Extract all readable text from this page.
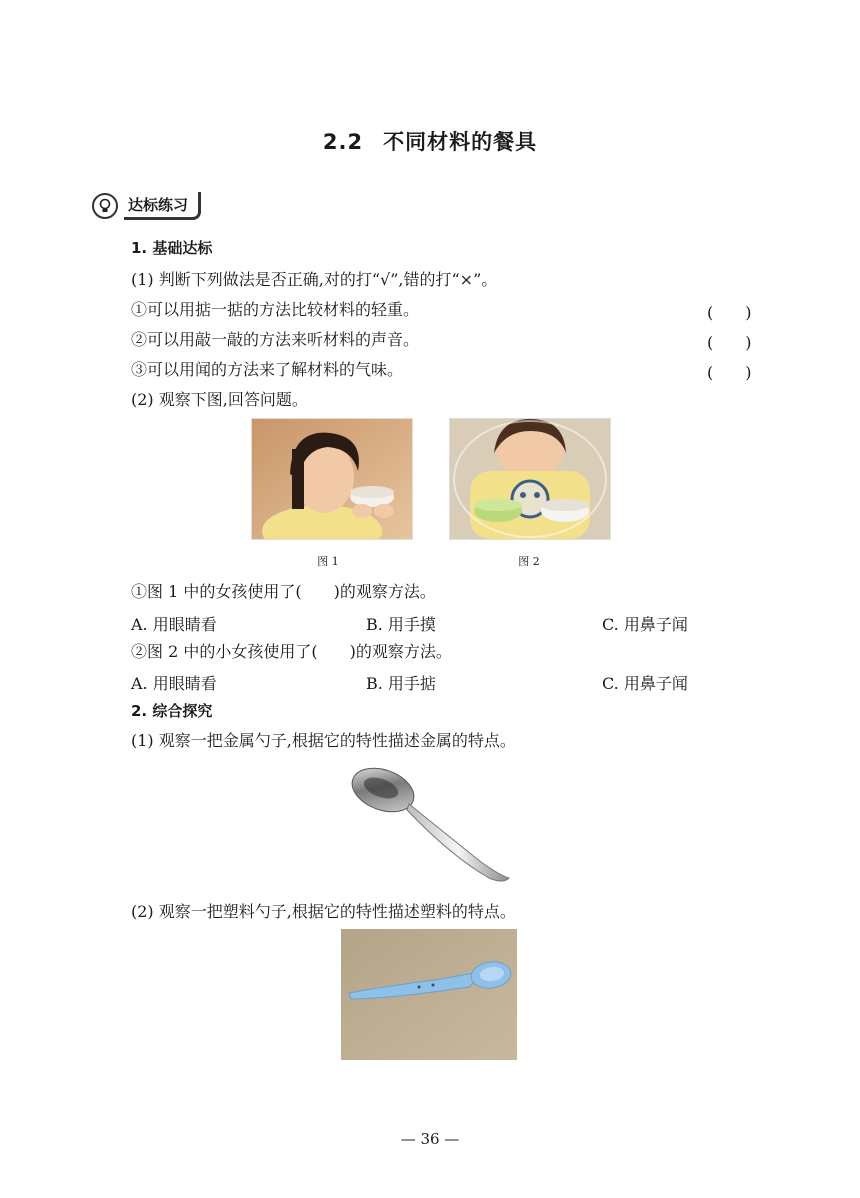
2.2 不同材料的餐具
达标练习
1. 基础达标
(1) 判断下列做法是否正确,对的打“√”,错的打“×”。
①可以用掂一掂的方法比较材料的轻重。	(　　)
②可以用敲一敲的方法来听材料的声音。	(　　)
③可以用闻的方法来了解材料的气味。	(　　)
(2) 观察下图,回答问题。
图 1	图 2
①图 1 中的女孩使用了(　　)的观察方法。
A. 用眼睛看	B. 用手摸	C. 用鼻子闻
②图 2 中的小女孩使用了(　　)的观察方法。
A. 用眼睛看	B. 用手掂	C. 用鼻子闻
2. 综合探究
(1) 观察一把金属勺子,根据它的特性描述金属的特点。
(2) 观察一把塑料勺子,根据它的特性描述塑料的特点。
— 36 —
